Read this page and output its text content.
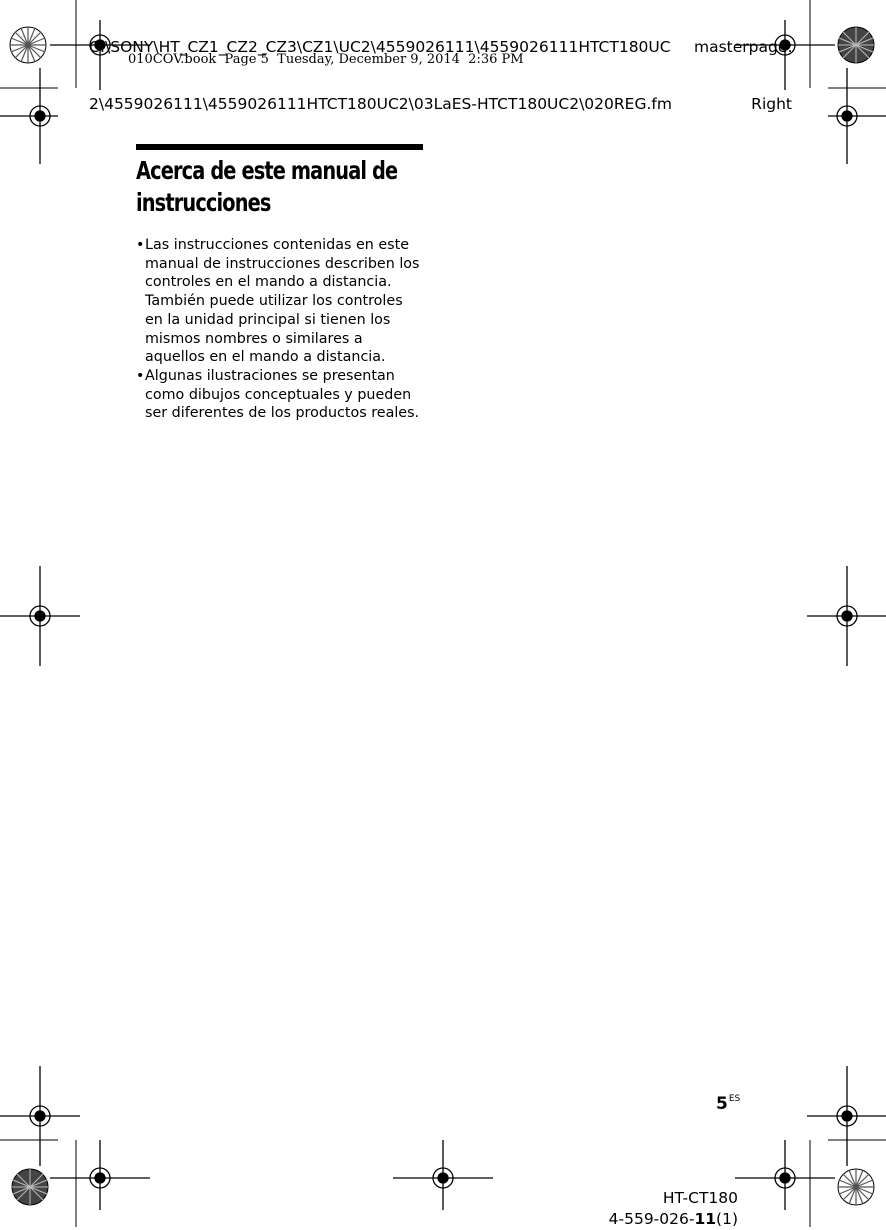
C:\SONY\HT_CZ1_CZ2_CZ3\CZ1\UC2\4559026111\4559026111HTCT180UC

2\4559026111\4559026111HTCT180UC2\03LaES-HTCT180UC2\020REG.fm

masterpage:

Right

010COV.book  Page 5  Tuesday, December 9, 2014  2:36 PM
Acerca de este manual de
instrucciones
• Las instrucciones contenidas en este
manual de instrucciones describen los
controles en el mando a distancia.
También puede utilizar los controles
en la unidad principal si tienen los
mismos nombres o similares a
aquellos en el mando a distancia.
• Algunas ilustraciones se presentan
como dibujos conceptuales y pueden
ser diferentes de los productos reales.
$5^{ES}$
HT-CT180
4-559-026-11(1)
